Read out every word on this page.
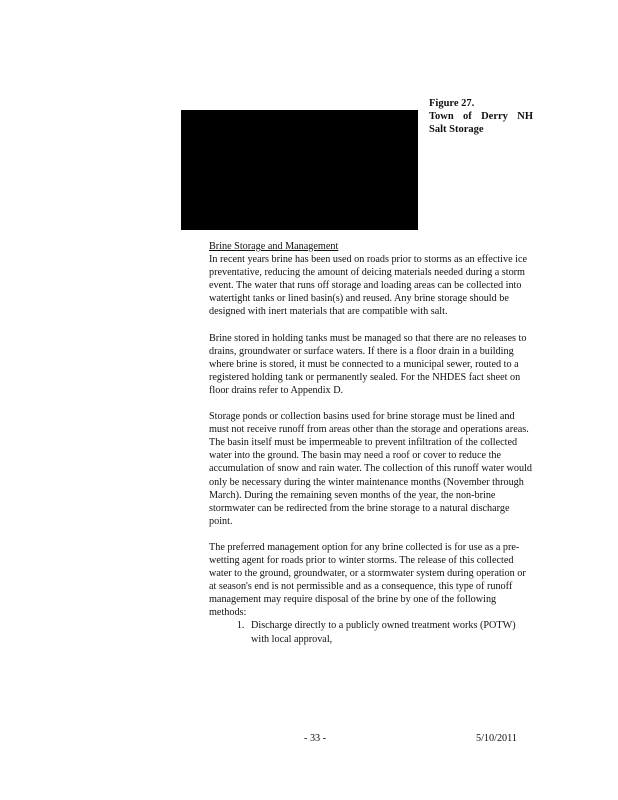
Figure 27.
Town of Derry NH
Salt Storage
Brine Storage and Management

In recent years brine has been used on roads prior to storms as an effective ice preventative, reducing the amount of deicing materials needed during a storm event. The water that runs off storage and loading areas can be collected into watertight tanks or lined basin(s) and reused. Any brine storage should be designed with inert materials that are compatible with salt.

Brine stored in holding tanks must be managed so that there are no releases to drains, groundwater or surface waters. If there is a floor drain in a building where brine is stored, it must be connected to a municipal sewer, routed to a registered holding tank or permanently sealed. For the NHDES fact sheet on floor drains refer to Appendix D.

Storage ponds or collection basins used for brine storage must be lined and must not receive runoff from areas other than the storage and operations areas. The basin itself must be impermeable to prevent infiltration of the collected water into the ground. The basin may need a roof or cover to reduce the accumulation of snow and rain water. The collection of this runoff water would only be necessary during the winter maintenance months (November through March). During the remaining seven months of the year, the non-brine stormwater can be redirected from the brine storage to a natural discharge point.

The preferred management option for any brine collected is for use as a pre-wetting agent for roads prior to winter storms. The release of this collected water to the ground, groundwater, or a stormwater system during operation or at season's end is not permissible and as a consequence, this type of runoff management may require disposal of the brine by one of the following methods:

1. Discharge directly to a publicly owned treatment works (POTW) with local approval,
- 33 -	5/10/2011
